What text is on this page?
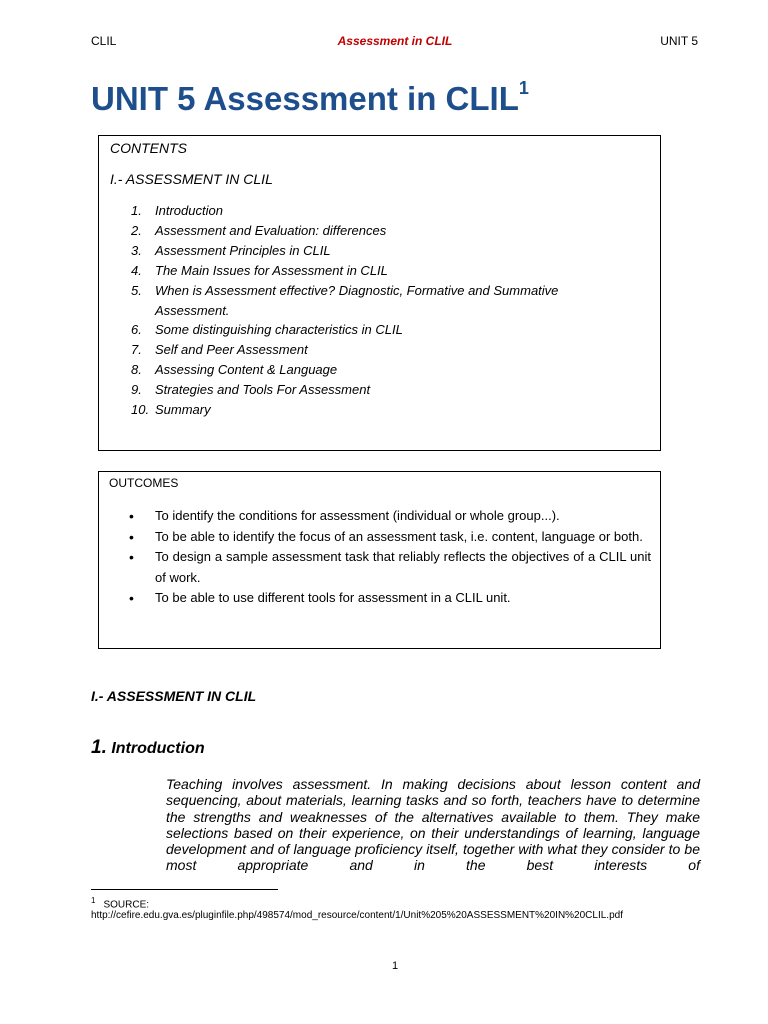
CLIL	Assessment in CLIL	UNIT 5
UNIT 5 Assessment in CLIL$^1$
CONTENTS
I.- ASSESSMENT IN CLIL
1.	Introduction
2.	Assessment and Evaluation: differences
3.	Assessment Principles in CLIL
4.	The Main Issues for Assessment in CLIL
5.	When is Assessment effective? Diagnostic, Formative and Summative Assessment.
6.	Some distinguishing characteristics in CLIL
7.	Self and Peer Assessment
8.	Assessing Content & Language
9.	Strategies and Tools For Assessment
10. Summary
OUTCOMES
•	To identify the conditions for assessment (individual or whole group...).
•	To be able to identify the focus of an assessment task, i.e. content, language or both.
•	To design a sample assessment task that reliably reflects the objectives of a CLIL unit of work.
•	To be able to use different tools for assessment in a CLIL unit.
I.- ASSESSMENT IN CLIL
1. Introduction

Teaching involves assessment. In making decisions about lesson content and sequencing, about materials, learning tasks and so forth, teachers have to determine the strengths and weaknesses of the alternatives available to them. They make selections based on their experience, on their understandings of learning, language development and of language proficiency itself, together with what they consider to be most appropriate and in the best interests of

$^1$ SOURCE:
http://cefire.edu.gva.es/pluginfile.php/498574/mod_resource/content/1/Unit%205%20ASSESSMENT%20IN%20CLIL.pdf
1
